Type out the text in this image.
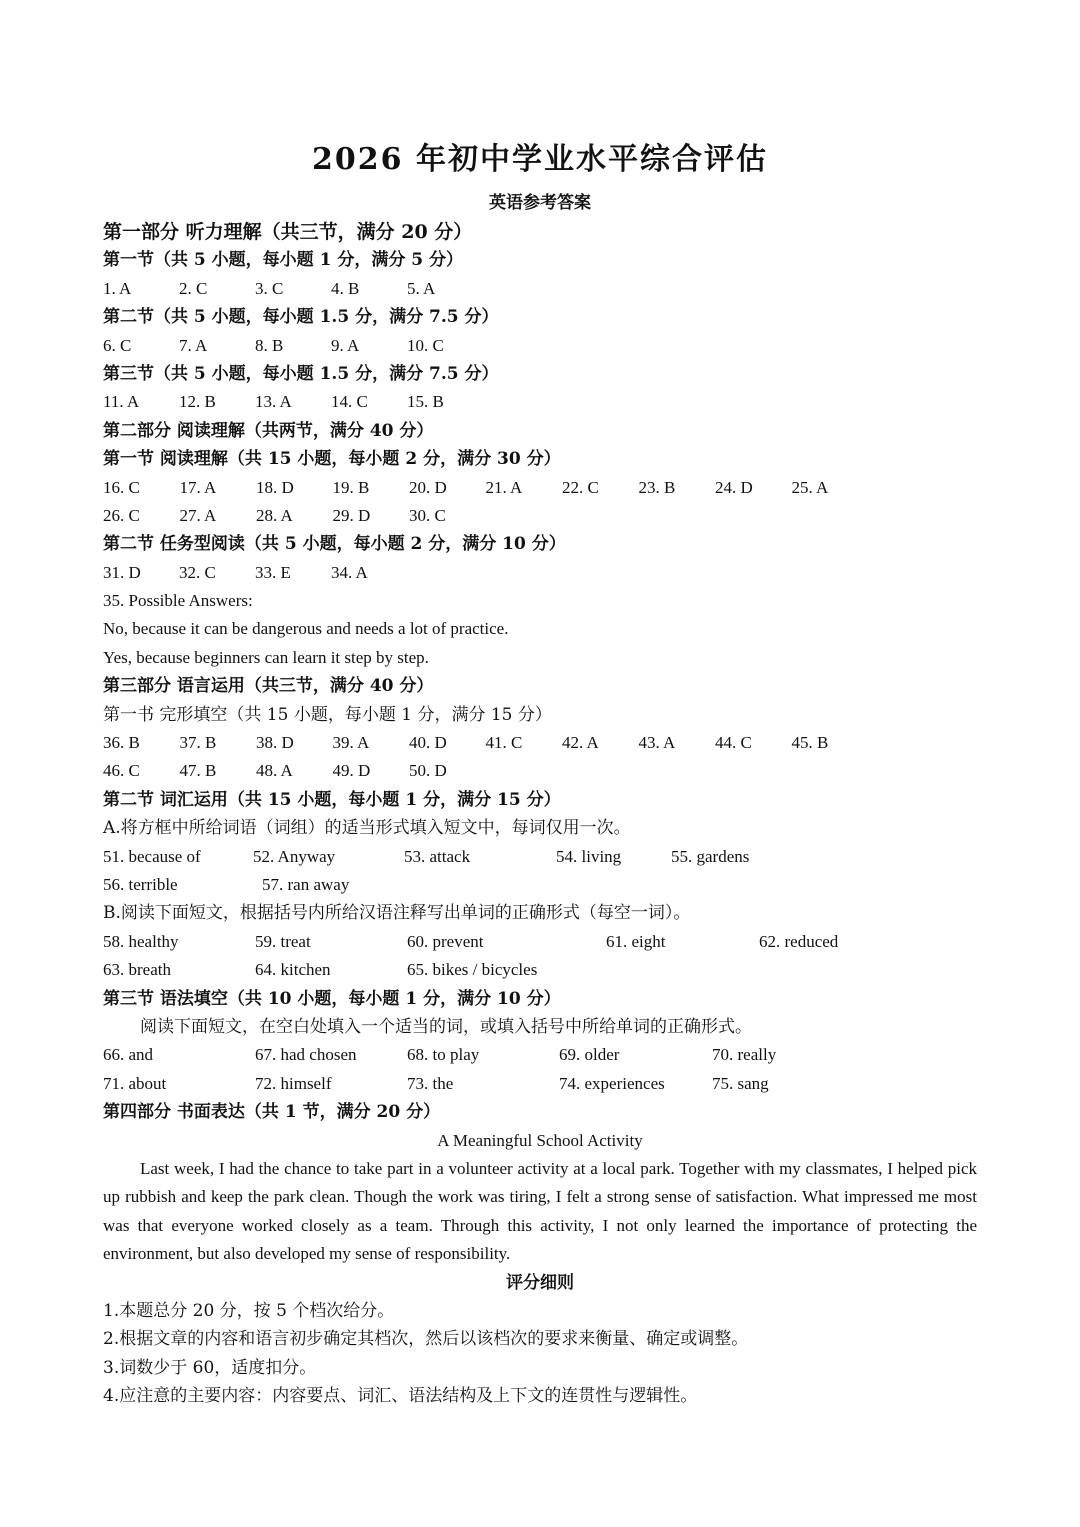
2026 年初中学业水平综合评估
英语参考答案
第一部分 听力理解（共三节，满分 20 分）
第一节（共 5 小题，每小题 1 分，满分 5 分）
1. A	2. C	3. C	4. B	5. A
第二节（共 5 小题，每小题 1.5 分，满分 7.5 分）
6. C	7. A	8. B	9. A	10. C
第三节（共 5 小题，每小题 1.5 分，满分 7.5 分）
11. A 12. B 13. A 14. C 15. B
第二部分 阅读理解（共两节，满分 40 分）
第一节 阅读理解（共 15 小题，每小题 2 分，满分 30 分）
16. C 17. A 18. D 19. B 20. D 21. A 22. C 23. B 24. D 25. A
26. C 27. A 28. A 29. D 30. C
第二节 任务型阅读（共 5 小题，每小题 2 分，满分 10 分）
31. D 32. C 33. E 34. A
35. Possible Answers:
No, because it can be dangerous and needs a lot of practice.
Yes, because beginners can learn it step by step.
第三部分 语言运用（共三节，满分 40 分）
第一书 完形填空（共 15 小题，每小题 1 分，满分 15 分）
36. B 37. B 38. D 39. A 40. D 41. C 42. A 43. A 44. C 45. B
46. C 47. B 48. A 49. D 50. D
第二节 词汇运用（共 15 小题，每小题 1 分，满分 15 分）
A.将方框中所给词语（词组）的适当形式填入短文中，每词仅用一次。
51. because of	52. Anyway	53. attack	54. living	55. gardens
56. terrible	57. ran away
B.阅读下面短文，根据括号内所给汉语注释写出单词的正确形式（每空一词）。
58. healthy	59. treat	60. prevent	61. eight	62. reduced
63. breath	64. kitchen	65. bikes / bicycles
第三节 语法填空（共 10 小题，每小题 1 分，满分 10 分）
阅读下面短文，在空白处填入一个适当的词，或填入括号中所给单词的正确形式。
66. and	67. had chosen	68. to play	69. older	70. really
71. about	72. himself	73. the	74. experiences	75. sang
第四部分 书面表达（共 1 节，满分 20 分）
A Meaningful School Activity

Last week, I had the chance to take part in a volunteer activity at a local park. Together with my classmates, I helped pick up rubbish and keep the park clean. Though the work was tiring, I felt a strong sense of satisfaction. What impressed me most was that everyone worked closely as a team. Through this activity, I not only learned the importance of protecting the environment, but also developed my sense of responsibility.

评分细则
1.本题总分 20 分，按 5 个档次给分。
2.根据文章的内容和语言初步确定其档次，然后以该档次的要求来衡量、确定或调整。
3.词数少于 60，适度扣分。
4.应注意的主要内容：内容要点、词汇、语法结构及上下文的连贯性与逻辑性。
